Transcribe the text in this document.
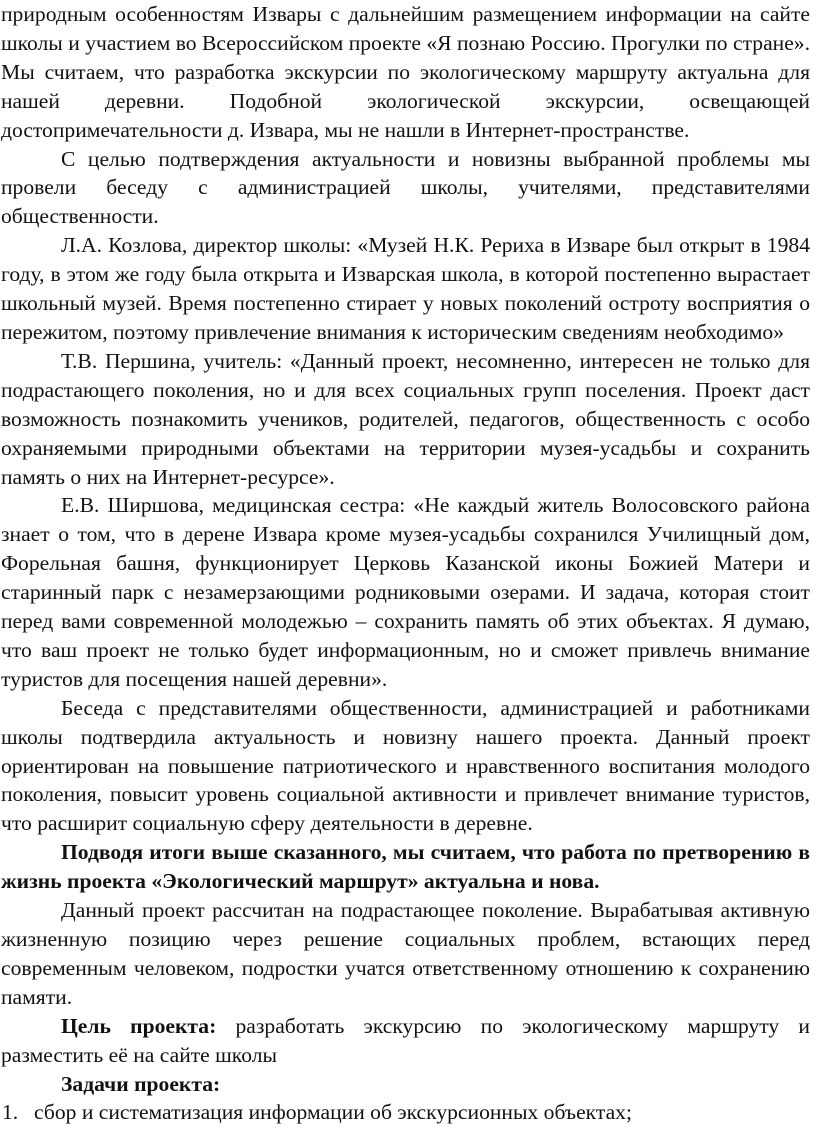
природным особенностям Извары с дальнейшим размещением информации на сайте школы и участием во Всероссийском проекте «Я познаю Россию. Прогулки по стране». Мы считаем, что разработка экскурсии по экологическому маршруту актуальна для нашей деревни. Подобной экологической экскурсии, освещающей достопримечательности д. Извара, мы не нашли в Интернет-пространстве.

С целью подтверждения актуальности и новизны выбранной проблемы мы провели беседу с администрацией школы, учителями, представителями общественности.

Л.А. Козлова, директор школы: «Музей Н.К. Рериха в Изваре был открыт в 1984 году, в этом же году была открыта и Изварская школа, в которой постепенно вырастает школьный музей. Время постепенно стирает у новых поколений остроту восприятия о пережитом, поэтому привлечение внимания к историческим сведениям необходимо»

Т.В. Першина, учитель: «Данный проект, несомненно, интересен не только для подрастающего поколения, но и для всех социальных групп поселения. Проект даст возможность познакомить учеников, родителей, педагогов, общественность с особо охраняемыми природными объектами на территории музея-усадьбы и сохранить память о них на Интернет-ресурсе».

Е.В. Ширшова, медицинская сестра: «Не каждый житель Волосовского района знает о том, что в дерене Извара кроме музея-усадьбы сохранился Училищный дом, Форельная башня, функционирует Церковь Казанской иконы Божией Матери и старинный парк с незамерзающими родниковыми озерами. И задача, которая стоит перед вами современной молодежью – сохранить память об этих объектах. Я думаю, что ваш проект не только будет информационным, но и сможет привлечь внимание туристов для посещения нашей деревни».

Беседа с представителями общественности, администрацией и работниками школы подтвердила актуальность и новизну нашего проекта. Данный проект ориентирован на повышение патриотического и нравственного воспитания молодого поколения, повысит уровень социальной активности и привлечет внимание туристов, что расширит социальную сферу деятельности в деревне.

Подводя итоги выше сказанного, мы считаем, что работа по претворению в жизнь проекта «Экологический маршрут» актуальна и нова.

Данный проект рассчитан на подрастающее поколение. Вырабатывая активную жизненную позицию через решение социальных проблем, встающих перед современным человеком, подростки учатся ответственному отношению к сохранению памяти.

Цель проекта: разработать экскурсию по экологическому маршруту и разместить её на сайте школы

Задачи проекта:

1. сбор и систематизация информации об экскурсионных объектах;
